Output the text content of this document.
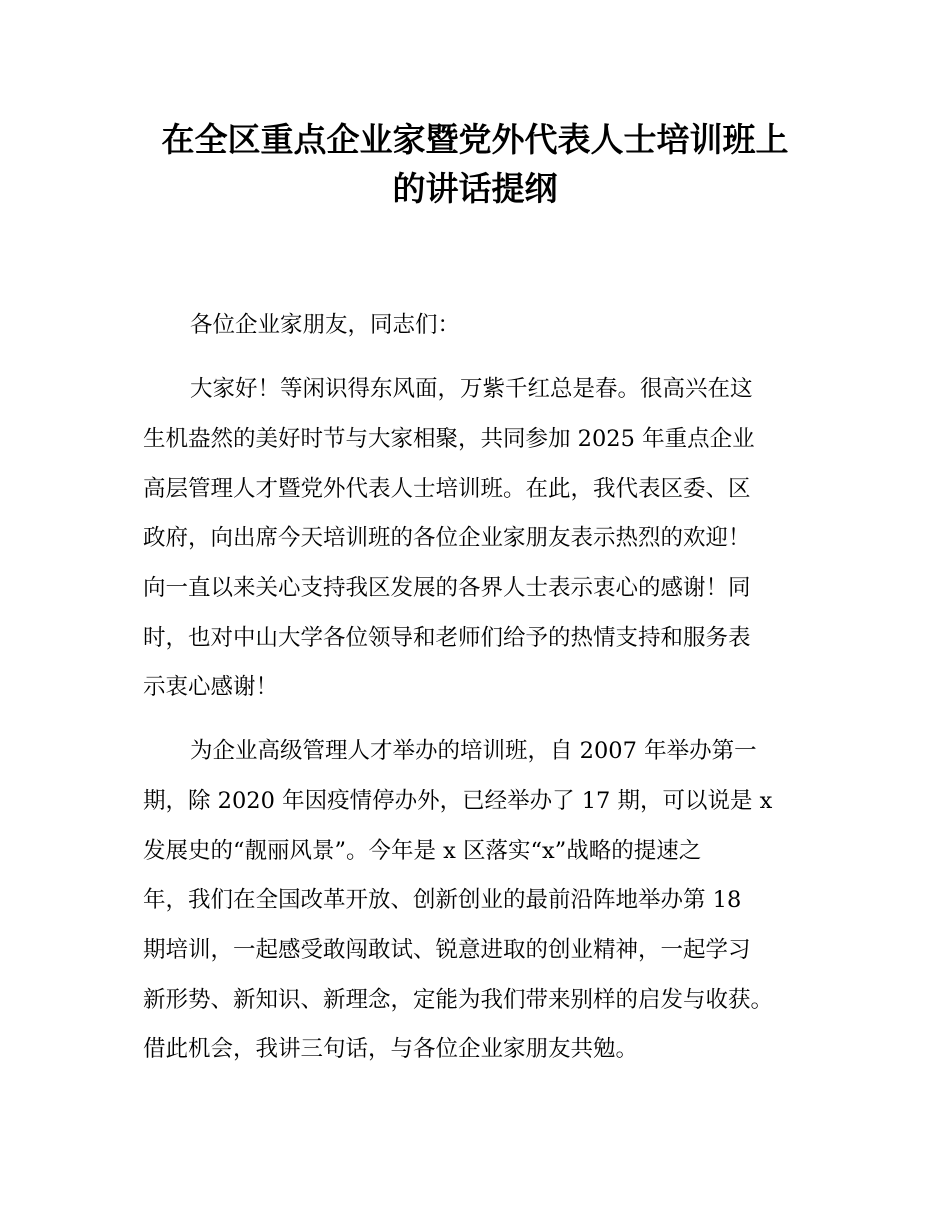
在全区重点企业家暨党外代表人士培训班上
的讲话提纲

各位企业家朋友，同志们：

大家好！等闲识得东风面，万紫千红总是春。很高兴在这

生机盎然的美好时节与大家相聚，共同参加 2025 年重点企业

高层管理人才暨党外代表人士培训班。在此，我代表区委、区

政府，向出席今天培训班的各位企业家朋友表示热烈的欢迎！

向一直以来关心支持我区发展的各界人士表示衷心的感谢！同

时，也对中山大学各位领导和老师们给予的热情支持和服务表

示衷心感谢！

为企业高级管理人才举办的培训班，自 2007 年举办第一

期，除 2020 年因疫情停办外，已经举办了 17 期，可以说是 x

发展史的“靓丽风景”。今年是 x 区落实“x”战略的提速之

年，我们在全国改革开放、创新创业的最前沿阵地举办第 18

期培训，一起感受敢闯敢试、锐意进取的创业精神，一起学习

新形势、新知识、新理念，定能为我们带来别样的启发与收获。

借此机会，我讲三句话，与各位企业家朋友共勉。
